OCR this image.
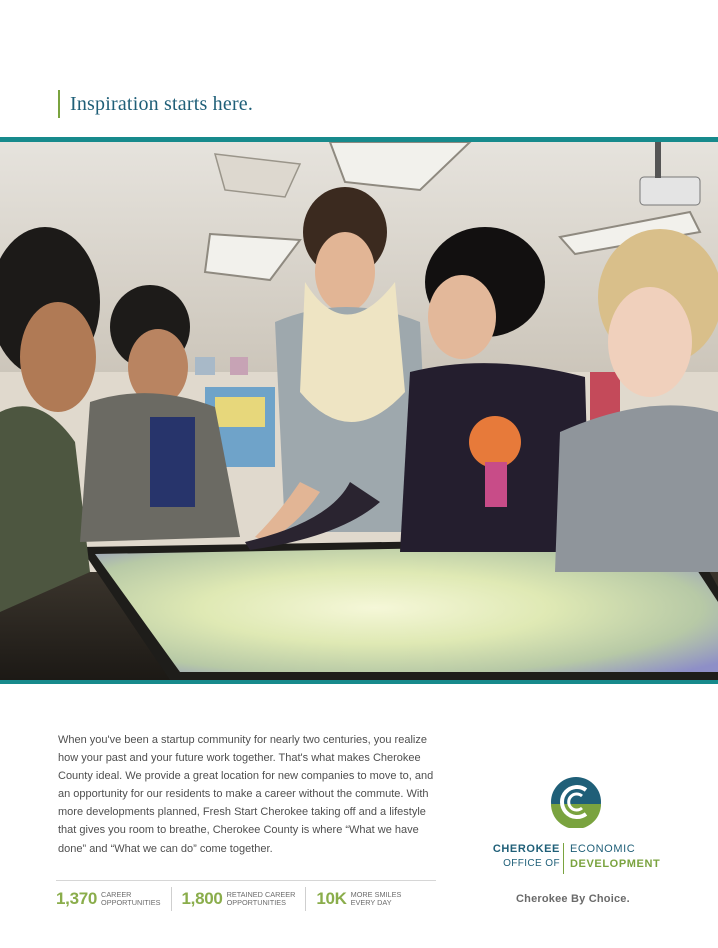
Inspiration starts here.

When you've been a startup community for nearly two centuries, you realize how your past and your future work together. That's what makes Cherokee County ideal. We provide a great location for new companies to move to, and an opportunity for our residents to make a career without the commute. With more developments planned, Fresh Start Cherokee taking off and a lifestyle that gives you room to breathe, Cherokee County is where “What we have done” and “What we can do” come together.

1,370 CAREER
OPPORTUNITIES 1,800 RETAINED CAREER
OPPORTUNITIES	10K MORE SMILES
EVERY DAY
CHEROKEE
OFFICE OF
ECONOMIC
DEVELOPMENT
Cherokee By Choice.
